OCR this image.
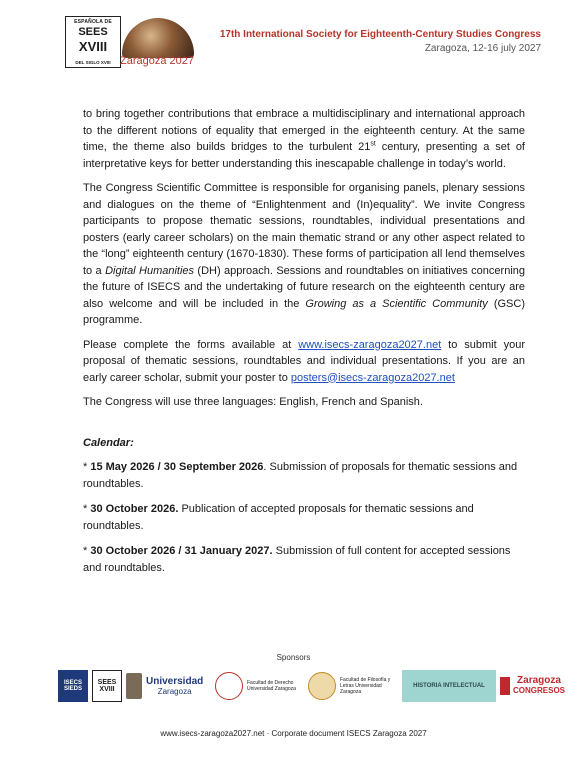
ESPAÑOLA DE
SEES
XVIII
DEL SIGLO XVIII Zaragoza 2027
17th International Society for Eighteenth-Century Studies Congress
Zaragoza, 12-16 july 2027

to bring together contributions that embrace a multidisciplinary and international approach to the different notions of equality that emerged in the eighteenth century. At the same time, the theme also builds bridges to the turbulent 21st century, presenting a set of interpretative keys for better understanding this inescapable challenge in today’s world.

The Congress Scientific Committee is responsible for organising panels, plenary sessions and dialogues on the theme of “Enlightenment and (In)equality”. We invite Congress participants to propose thematic sessions, roundtables, individual presentations and posters (early career scholars) on the main thematic strand or any other aspect related to the “long” eighteenth century (1670-1830). These forms of participation all lend themselves to a Digital Humanities (DH) approach. Sessions and roundtables on initiatives concerning the future of ISECS and the undertaking of future research on the eighteenth century are also welcome and will be included in the Growing as a Scientific Community (GSC) programme.

Please complete the forms available at www.isecs-zaragoza2027.net to submit your proposal of thematic sessions, roundtables and individual presentations. If you are an early career scholar, submit your poster to posters@isecs-zaragoza2027.net

The Congress will use three languages: English, French and Spanish.

Calendar:

* 15 May 2026 / 30 September 2026. Submission of proposals for thematic sessions and roundtables.

* 30 October 2026. Publication of accepted proposals for thematic sessions and roundtables.

* 30 October 2026 / 31 January 2027. Submission of full content for accepted sessions and roundtables.

Sponsors
ISECS SIEDS
SEES XVIII
Universidad
Zaragoza
Facultad de Derecho Universidad Zaragoza
Facultad de Filosofía y Letras Universidad Zaragoza
HISTORIA INTELECTUAL	Zaragoza
CONGRESOS
www.isecs-zaragoza2027.net · Corporate document ISECS Zaragoza 2027
